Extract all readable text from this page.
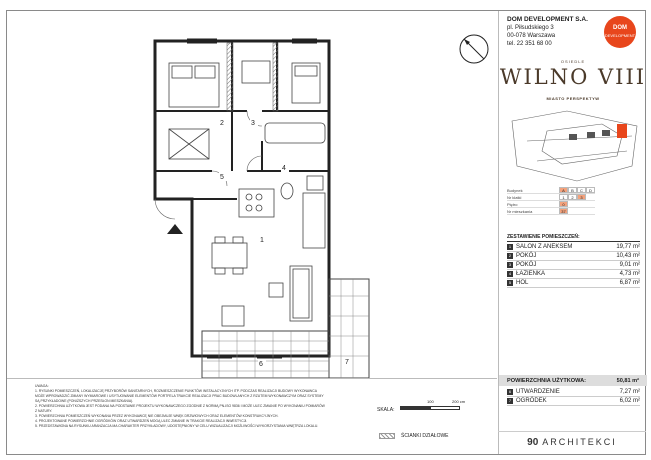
1
2	3
4
5
6	7

UWAGA:

1. RYSUNKI POMIESZCZEŃ, LOKALIZACJĘ PRZYBORÓW SANITARNYCH, ROZMIESZCZENIE PUNKTÓW INSTALACYJNYCH ITP. PODCZAS REALIZACJI BUDOWY WYKONAWCA MOŻE WPROWADZIĆ ZMIANY WYMIAROWE I USYTUOWANIE ELEMENTÓW PORTFELA TRAKCIE REALIZACJI PRAC BUDOWLANYCH Z RZUTEM WYKONAWCZYM ORAZ SYSTEMY SĄ PRZYKŁADOWE (PONIŻSZYCH PRZESŁON MIESZKANIA).

2. POWIERZCHNIA UŻYTKOWA JEST PODANA NA PODSTAWIE PROJEKTU WYKONAWCZEGO ZGODNIE Z NORMĄ PN-ISO 9836 I MOŻE ULEC ZMIANIE PO WYKONANIU POMIARÓW Z NATURY.

3. POWIERZCHNIA POMIESZCZEŃ WYKONANA PRZEZ WYKONAWCĘ NIE OBEJMUJE WNĘK DRZWIOWYCH ORAZ ELEMENTÓW KONSTRUKCYJNYCH.

4. PROJEKTOWANE POWIERZCHNIE OGRÓDKÓW ORAZ UTWARDZEŃ MOGĄ ULEC ZMIANIE W TRAKCIE REALIZACJI INWESTYCJI.

5. PRZEDSTAWIONA NA RYSUNKU ARANŻACJA MA CHARAKTER PRZYKŁADOWY, UDOSTĘPNIONY W CELU WIZUALIZACJI MOŻLIWOŚCI WYKORZYSTANIA WNĘTRZA LOKALU.

SKALA:
100	200 cm
ŚCIANKI DZIAŁOWE
DOM DEVELOPMENT S.A.
pl. Piłsudskiego 3
00-078 Warszawa
tel. 22 351 68 00
DOM
DEVELOPMENT
OSIEDLE
WILNO VIII
MIASTO PERSPEKTYW
Budynek	A	B	C	D
Nr klatki	1	2	3
Piętro	0
Nr mieszkania	37
ZESTAWIENIE POMIESZCZEŃ:
1 SALON Z ANEKSEM	19,77 m²
2 POKÓJ	10,43 m²
3 POKÓJ	9,01 m²
4 ŁAZIENKA	4,73 m²
5 HOL	6,87 m²
POWIERZCHNIA UŻYTKOWA:	50,81 m²
6 UTWARDZENIE	7,27 m²
7 OGRÓDEK	6,02 m²
90 ARCHITEKCI
